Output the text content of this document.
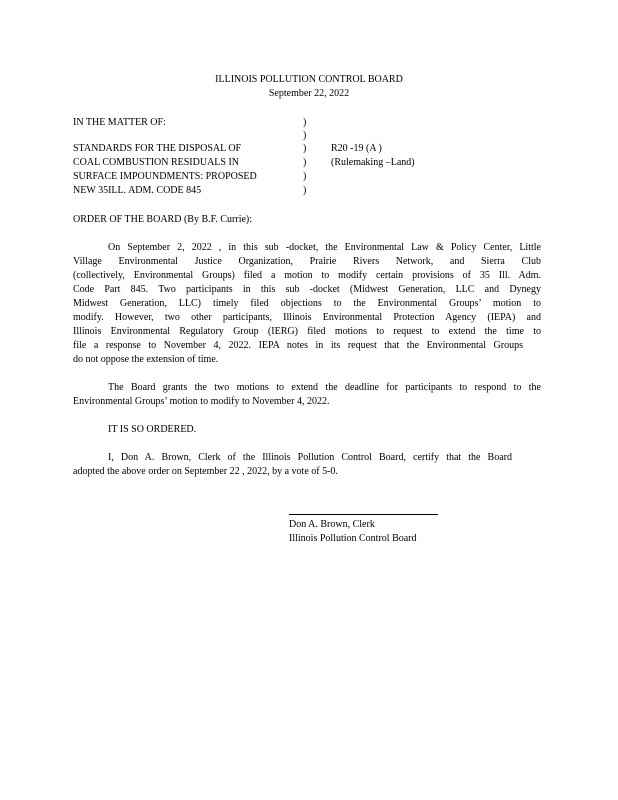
ILLINOIS POLLUTION CONTROL BOARD
September 22, 2022
IN THE MATTER OF:
STANDARDS FOR THE DISPOSAL OF
COAL COMBUSTION RESIDUALS IN
SURFACE IMPOUNDMENTS: PROPOSED
NEW 35ILL. ADM. CODE 845
)
)
)
)
)
)
R20 -19 (A )
(Rulemaking –Land)
ORDER OF THE BOARD (By B.F. Currie):
On September 2, 2022 , in this sub -docket, the Environmental Law & Policy Center, Little
Village Environmental Justice Organization, Prairie Rivers Network, and Sierra Club
(collectively, Environmental Groups) filed a motion to modify certain provisions of 35 Ill. Adm.
Code Part 845. Two participants in this sub -docket (Midwest Generation, LLC and Dynegy
Midwest Generation, LLC) timely filed objections to the Environmental Groups’ motion to
modify. However, two other participants, Illinois Environmental Protection Agency (IEPA) and
Illinois Environmental Regulatory Group (IERG) filed motions to request to extend the time to
file a response to November 4, 2022. IEPA notes in its request that the Environmental Groups
do not oppose the extension of time.
The Board grants the two motions to extend the deadline for participants to respond to the
Environmental Groups’ motion to modify to November 4, 2022.
IT IS SO ORDERED.
I, Don A. Brown, Clerk of the Illinois Pollution Control Board, certify that the Board
adopted the above order on September 22 , 2022, by a vote of 5-0.
Don A. Brown, Clerk
Illinois Pollution Control Board
